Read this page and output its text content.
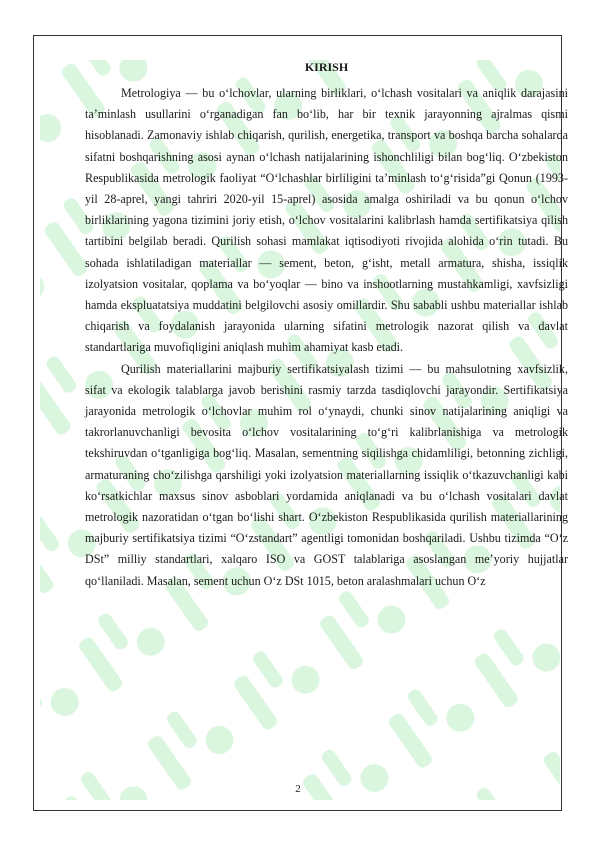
KIRISH

Metrologiya — bu o‘lchovlar, ularning birliklari, o‘lchash vositalari va aniqlik darajasini ta’minlash usullarini o‘rganadigan fan bo‘lib, har bir texnik jarayonning ajralmas qismi hisoblanadi. Zamonaviy ishlab chiqarish, qurilish, energetika, transport va boshqa barcha sohalarda sifatni boshqarishning asosi aynan o‘lchash natijalarining ishonchliligi bilan bog‘liq. O‘zbekiston Respublikasida metrologik faoliyat “O‘lchashlar birliligini ta’minlash to‘g‘risida”gi Qonun (1993-yil 28-aprel, yangi tahriri 2020-yil 15-aprel) asosida amalga oshiriladi va bu qonun o‘lchov birliklarining yagona tizimini joriy etish, o‘lchov vositalarini kalibrlash hamda sertifikatsiya qilish tartibini belgilab beradi. Qurilish sohasi mamlakat iqtisodiyoti rivojida alohida o‘rin tutadi. Bu sohada ishlatiladigan materiallar — sement, beton, g‘isht, metall armatura, shisha, issiqlik izolyatsion vositalar, qoplama va bo‘yoqlar — bino va inshootlarning mustahkamligi, xavfsizligi hamda ekspluatatsiya muddatini belgilovchi asosiy omillardir. Shu sababli ushbu materiallar ishlab chiqarish va foydalanish jarayonida ularning sifatini metrologik nazorat qilish va davlat standartlariga muvofiqligini aniqlash muhim ahamiyat kasb etadi.

Qurilish materiallarini majburiy sertifikatsiyalash tizimi — bu mahsulotning xavfsizlik, sifat va ekologik talablarga javob berishini rasmiy tarzda tasdiqlovchi jarayondir. Sertifikatsiya jarayonida metrologik o‘lchovlar muhim rol o‘ynaydi, chunki sinov natijalarining aniqligi va takrorlanuvchanligi bevosita o‘lchov vositalarining to‘g‘ri kalibrlanishiga va metrologik tekshiruvdan o‘tganligiga bog‘liq. Masalan, sementning siqilishga chidamliligi, betonning zichligi, armaturaning cho‘zilishga qarshiligi yoki izolyatsion materiallarning issiqlik o‘tkazuvchanligi kabi ko‘rsatkichlar maxsus sinov asboblari yordamida aniqlanadi va bu o‘lchash vositalari davlat metrologik nazoratidan o‘tgan bo‘lishi shart. O‘zbekiston Respublikasida qurilish materiallarining majburiy sertifikatsiya tizimi “O‘zstandart” agentligi tomonidan boshqariladi. Ushbu tizimda “O‘z DSt” milliy standartlari, xalqaro ISO va GOST talablariga asoslangan me’yoriy hujjatlar qo‘llaniladi. Masalan, sement uchun O‘z DSt 1015, beton aralashmalari uchun O‘z

2
